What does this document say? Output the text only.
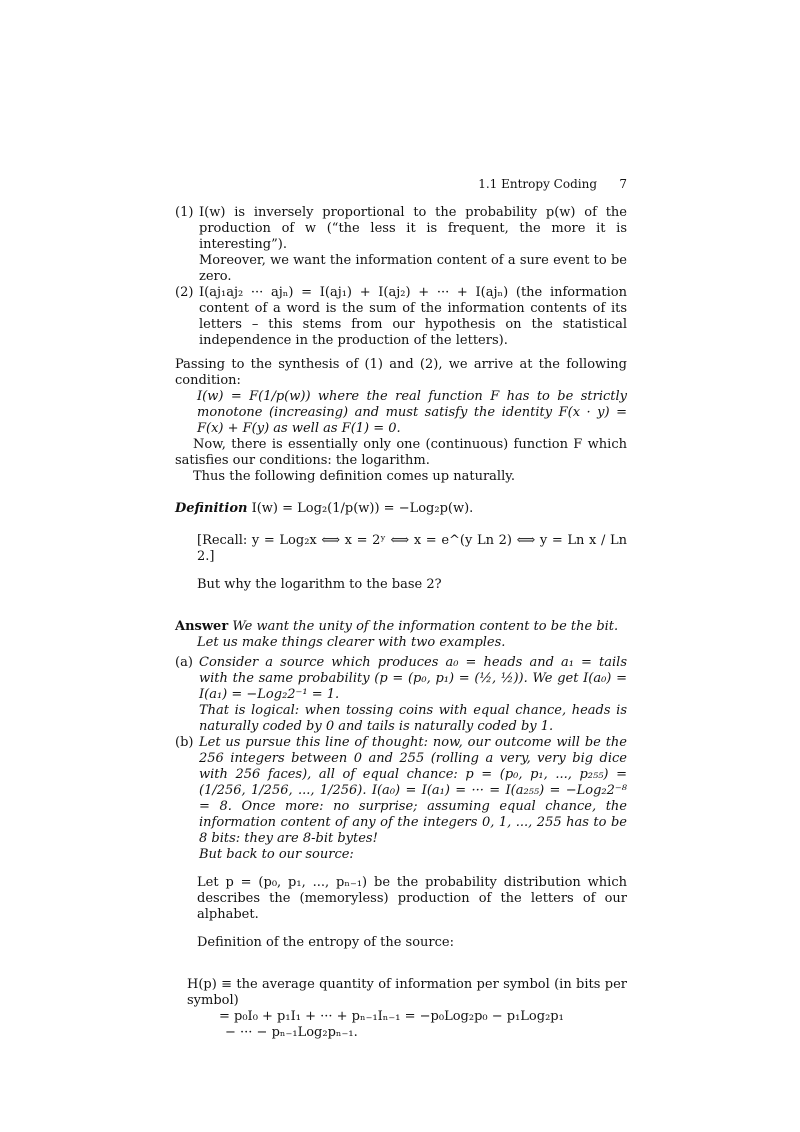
1.1 Entropy Coding 7
(1) I(w) is inversely proportional to the probability p(w) of the production of w (“the less it is frequent, the more it is interesting”).

Moreover, we want the information content of a sure event to be zero.

(2) I(aj₁aj₂ ··· ajₙ) = I(aj₁) + I(aj₂) + ··· + I(ajₙ) (the information content of a word is the sum of the information contents of its letters – this stems from our hypothesis on the statistical independence in the production of the letters).

Passing to the synthesis of (1) and (2), we arrive at the following condition:

I(w) = F(1/p(w)) where the real function F has to be strictly monotone (increasing) and must satisfy the identity F(x · y) = F(x) + F(y) as well as F(1) = 0.

Now, there is essentially only one (continuous) function F which satisfies our conditions: the logarithm.

Thus the following definition comes up naturally.

Definition I(w) = Log₂(1/p(w)) = −Log₂p(w).

[Recall: y = Log₂x ⟺ x = 2ʸ ⟺ x = e^(y Ln 2) ⟺ y = Ln x / Ln 2.]

But why the logarithm to the base 2?

Answer We want the unity of the information content to be the bit.

Let us make things clearer with two examples.

(a) Consider a source which produces a₀ = heads and a₁ = tails with the same probability (p = (p₀, p₁) = (½, ½)). We get I(a₀) = I(a₁) = −Log₂2⁻¹ = 1.

That is logical: when tossing coins with equal chance, heads is naturally coded by 0 and tails is naturally coded by 1.

(b) Let us pursue this line of thought: now, our outcome will be the 256 integers between 0 and 255 (rolling a very, very big dice with 256 faces), all of equal chance: p = (p₀, p₁, ..., p₂₅₅) = (1/256, 1/256, ..., 1/256). I(a₀) = I(a₁) = ··· = I(a₂₅₅) = −Log₂2⁻⁸ = 8. Once more: no surprise; assuming equal chance, the information content of any of the integers 0, 1, ..., 255 has to be 8 bits: they are 8-bit bytes!

But back to our source:

Let p = (p₀, p₁, ..., pₙ₋₁) be the probability distribution which describes the (memoryless) production of the letters of our alphabet.

Definition of the entropy of the source:

H(p) ≡ the average quantity of information per symbol (in bits per symbol)

= p₀I₀ + p₁I₁ + ··· + pₙ₋₁Iₙ₋₁ = −p₀Log₂p₀ − p₁Log₂p₁

− ··· − pₙ₋₁Log₂pₙ₋₁.
